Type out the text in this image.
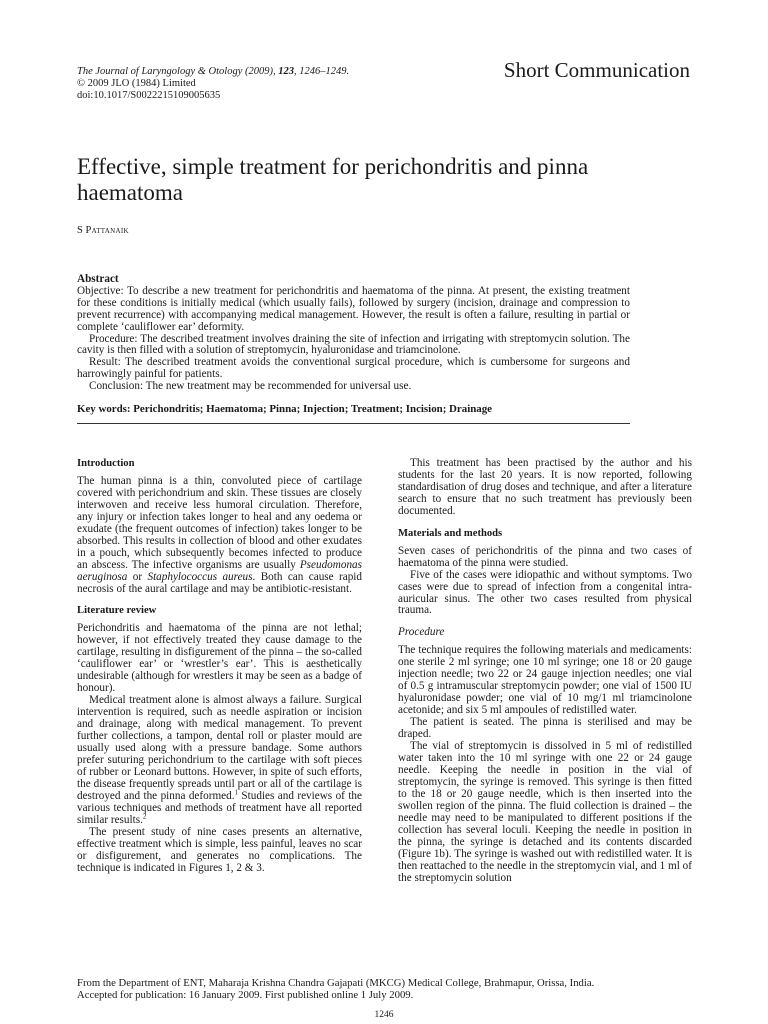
The Journal of Laryngology & Otology (2009), 123, 1246–1249.
© 2009 JLO (1984) Limited
doi:10.1017/S0022215109005635
Short Communication
Effective, simple treatment for perichondritis and pinna haematoma
S Pattanaik
Abstract

Objective: To describe a new treatment for perichondritis and haematoma of the pinna. At present, the existing treatment for these conditions is initially medical (which usually fails), followed by surgery (incision, drainage and compression to prevent recurrence) with accompanying medical management. However, the result is often a failure, resulting in partial or complete ‘cauliflower ear’ deformity.

Procedure: The described treatment involves draining the site of infection and irrigating with streptomycin solution. The cavity is then filled with a solution of streptomycin, hyaluronidase and triamcinolone.

Result: The described treatment avoids the conventional surgical procedure, which is cumbersome for surgeons and harrowingly painful for patients.

Conclusion: The new treatment may be recommended for universal use.

Key words: Perichondritis; Haematoma; Pinna; Injection; Treatment; Incision; Drainage
Introduction

The human pinna is a thin, convoluted piece of cartilage covered with perichondrium and skin. These tissues are closely interwoven and receive less humoral circulation. Therefore, any injury or infection takes longer to heal and any oedema or exudate (the frequent outcomes of infection) takes longer to be absorbed. This results in collection of blood and other exudates in a pouch, which subsequently becomes infected to produce an abscess. The infective organisms are usually Pseudomonas aeruginosa or Staphylococcus aureus. Both can cause rapid necrosis of the aural cartilage and may be antibiotic-resistant.

Literature review

Perichondritis and haematoma of the pinna are not lethal; however, if not effectively treated they cause damage to the cartilage, resulting in disfigurement of the pinna – the so-called ‘cauliflower ear’ or ‘wrestler’s ear’. This is aesthetically undesirable (although for wrestlers it may be seen as a badge of honour).

Medical treatment alone is almost always a failure. Surgical intervention is required, such as needle aspiration or incision and drainage, along with medical management. To prevent further collections, a tampon, dental roll or plaster mould are usually used along with a pressure bandage. Some authors prefer suturing perichondrium to the cartilage with soft pieces of rubber or Leonard buttons. However, in spite of such efforts, the disease frequently spreads until part or all of the cartilage is destroyed and the pinna deformed.$^1$ Studies and reviews of the various techniques and methods of treatment have all reported similar results.$^2$

The present study of nine cases presents an alternative, effective treatment which is simple, less painful, leaves no scar or disfigurement, and generates no complications. The technique is indicated in Figures 1, 2 & 3.

This treatment has been practised by the author and his students for the last 20 years. It is now reported, following standardisation of drug doses and technique, and after a literature search to ensure that no such treatment has previously been documented.

Materials and methods

Seven cases of perichondritis of the pinna and two cases of haematoma of the pinna were studied.

Five of the cases were idiopathic and without symptoms. Two cases were due to spread of infection from a congenital intra-auricular sinus. The other two cases resulted from physical trauma.

Procedure

The technique requires the following materials and medicaments: one sterile 2 ml syringe; one 10 ml syringe; one 18 or 20 gauge injection needle; two 22 or 24 gauge injection needles; one vial of 0.5 g intramuscular streptomycin powder; one vial of 1500 IU hyaluronidase powder; one vial of 10 mg/1 ml triamcinolone acetonide; and six 5 ml ampoules of redistilled water.

The patient is seated. The pinna is sterilised and may be draped.

The vial of streptomycin is dissolved in 5 ml of redistilled water taken into the 10 ml syringe with one 22 or 24 gauge needle. Keeping the needle in position in the vial of streptomycin, the syringe is removed. This syringe is then fitted to the 18 or 20 gauge needle, which is then inserted into the swollen region of the pinna. The fluid collection is drained – the needle may need to be manipulated to different positions if the collection has several loculi. Keeping the needle in position in the pinna, the syringe is detached and its contents discarded (Figure 1b). The syringe is washed out with redistilled water. It is then reattached to the needle in the streptomycin vial, and 1 ml of the streptomycin solution

From the Department of ENT, Maharaja Krishna Chandra Gajapati (MKCG) Medical College, Brahmapur, Orissa, India.
Accepted for publication: 16 January 2009. First published online 1 July 2009.
1246
